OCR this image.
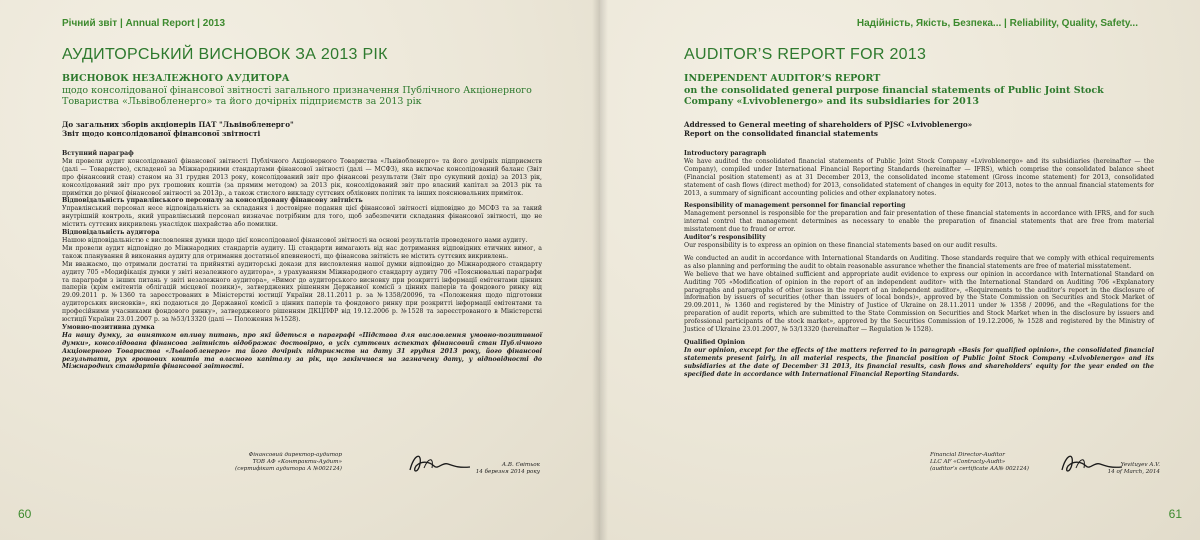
Річний звіт | Annual Report | 2013
АУДИТОРСЬКИЙ ВИСНОВОК ЗА 2013 РІК
ВИСНОВОК НЕЗАЛЕЖНОГО АУДИТОРА
щодо консолідованої фінансової звітності загального призначення Публічного Акціонерного Товариства «Львівобленерго» та його дочірніх підприємств за 2013 рік
До загальних зборів акціонерів ПАТ "Львівобленерго"
Звіт щодо консолідованої фінансової звітності

Вступний параграф

Ми провели аудит консолідованої фінансової звітності Публічного Акціонерного Товариства «Львівобленерго» та його дочірніх підприємств (далі — Товариство), складеної за Міжнародними стандартами фінансової звітності (далі — МСФЗ), яка включає консолідований баланс (Звіт про фінансовий стан) станом на 31 грудня 2013 року, консолідований звіт про фінансові результати (Звіт про сукупний дохід) за 2013 рік, консолідований звіт про рух грошових коштів (за прямим методом) за 2013 рік, консолідований звіт про власний капітал за 2013 рік та примітки до річної фінансової звітності за 2013р., а також стислого викладу суттєвих облікових політик та інших пояснювальних приміток.

Відповідальність управлінського персоналу за консолідовану фінансову звітність

Управлінський персонал несе відповідальність за складання і достовірне подання цієї фінансової звітності відповідно до МСФЗ та за такий внутрішній контроль, який управлінський персонал визначає потрібним для того, щоб забезпечити складання фінансової звітності, що не містить суттєвих викривлень унаслідок шахрайства або помилки.

Відповідальність аудитора

Нашою відповідальністю є висловлення думки щодо цієї консолідованої фінансової звітності на основі результатів проведеного нами аудиту.

Ми провели аудит відповідно до Міжнародних стандартів аудиту. Ці стандарти вимагають від нас дотримання відповідних етичних вимог, а також планування й виконання аудиту для отримання достатньої впевненості, що фінансова звітність не містить суттєвих викривлень.

Ми вважаємо, що отримали достатні та прийнятні аудиторські докази для висловлення нашої думки відповідно до Міжнародного стандарту аудиту 705 «Модифікація думки у звіті незалежного аудитора», з урахуванням Міжнародного стандарту аудиту 706 «Пояснювальні параграфи та параграфи з інших питань у звіті незалежного аудитора», «Вимог до аудиторського висновку при розкритті інформації емітентами цінних паперів (крім емітентів облігацій місцевої позики)», затверджених рішенням Державної комісії з цінних паперів та фондового ринку від 29.09.2011 р. №1360 та зареєстрованих в Міністерстві юстиції України 28.11.2011 р. за №1358/20096, та «Положення щодо підготовки аудиторських висновків», які подаються до Державної комісії з цінних паперів та фондового ринку при розкритті інформації емітентами та професійними учасниками фондового ринку», затвердженого рішенням ДКЦПФР від 19.12.2006 р. №1528 та зареєстрованого в Міністерстві юстиції України 23.01.2007 р. за №53/13320 (далі — Положення №1528).

Умовно-позитивна думка

На нашу думку, за винятком впливу питань, про які йдеться в параграфі «Підстава для висловлення умовно-позитивної думки», консолідована фінансова звітність відображає достовірно, в усіх суттєвих аспектах фінансовий стан Публічного Акціонерного Товариства «Львівобленерго» та його дочірніх підприємств на дату 31 грудня 2013 року, його фінансові результати, рух грошових коштів та власного капіталу за рік, що закінчився на зазначену дату, у відповідності до Міжнародних стандартів фінансової звітності.

Фінансовий директор-аудитор
ТОВ АФ «Контракти-Аудит»
(сертифікат аудитора А №002124)
А.В. Євітьок
14 березня 2014 року
60
Надійність, Якість, Безпека... | Reliability, Quality, Safety...
AUDITOR’S REPORT FOR 2013
INDEPENDENT AUDITOR’S REPORT
on the consolidated general purpose financial statements of Public Joint Stock Company «Lvivoblenergo» and its subsidiaries for 2013
Addressed to General meeting of shareholders of PJSC «Lvivoblenergo»
Report on the consolidated financial statements

Introductory paragraph

We have audited the consolidated financial statements of Public Joint Stock Company «Lvivoblenergo» and its subsidiaries (hereinafter — the Company), compiled under International Financial Reporting Standards (hereinafter — IFRS), which comprise the consolidated balance sheet (Financial position statement) as at 31 December 2013, the consolidated income statement (Gross income statement) for 2013, consolidated statement of cash flows (direct method) for 2013, consolidated statement of changes in equity for 2013, notes to the annual financial statements for 2013, a summary of significant accounting policies and other explanatory notes.

Responsibility of management personnel for financial reporting

Management personnel is responsible for the preparation and fair presentation of these financial statements in accordance with IFRS, and for such internal control that management determines as necessary to enable the preparation of financial statements that are free from material misstatement due to fraud or error.

Auditor’s responsibility

Our responsibility is to express an opinion on these financial statements based on our audit results.

We conducted an audit in accordance with International Standards on Auditing. Those standards require that we comply with ethical requirements as also planning and performing the audit to obtain reasonable assurance whether the financial statements are free of material misstatement.

We believe that we have obtained sufficient and appropriate audit evidence to express our opinion in accordance with International Standard on Auditing 705 «Modification of opinion in the report of an independent auditor» with the International Standard on Auditing 706 «Explanatory paragraphs and paragraphs of other issues in the report of an independent auditor», «Requirements to the auditor’s report in the disclosure of information by issuers of securities (other than issuers of local bonds)», approved by the State Commission on Securities and Stock Market of 29.09.2011, № 1360 and registered by the Ministry of Justice of Ukraine on 28.11.2011 under № 1358 / 20096, and the «Regulations for the preparation of audit reports, which are submitted to the State Commission on Securities and Stock Market when in the disclosure by issuers and professional participants of the stock market», approved by the Securities Commission of 19.12.2006, № 1528 and registered by the Ministry of Justice of Ukraine 23.01.2007, № 53/13320 (hereinafter — Regulation № 1528).

Qualified Opinion

In our opinion, except for the effects of the matters referred to in paragraph «Basis for qualified opinion», the consolidated financial statements present fairly, in all material respects, the financial position of Public Joint Stock Company «Lvivoblenergo» and its subsidiaries at the date of December 31 2013, its financial results, cash flows and shareholders’ equity for the year ended on the specified date in accordance with International Financial Reporting Standards.

Financial Director-Auditor
LLC AF «Contracty-Audit»
(auditor’s certificate АА№ 002124)
Yevituyev A.V.
14 of March, 2014
61
